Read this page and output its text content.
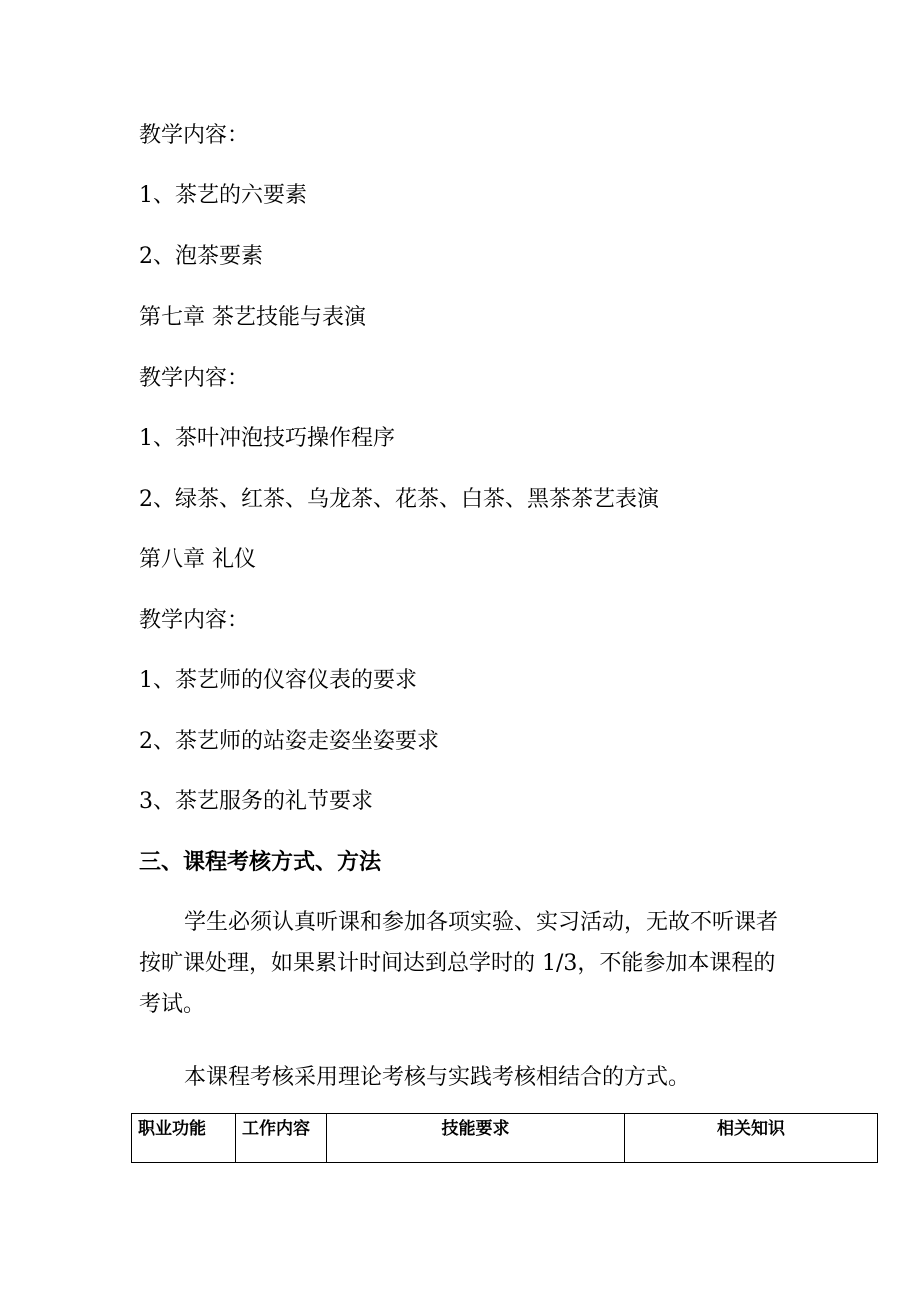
教学内容：

1、茶艺的六要素

2、泡茶要素

第七章 茶艺技能与表演

教学内容：

1、茶叶冲泡技巧操作程序

2、绿茶、红茶、乌龙茶、花茶、白茶、黑茶茶艺表演

第八章 礼仪

教学内容：

1、茶艺师的仪容仪表的要求

2、茶艺师的站姿走姿坐姿要求

3、茶艺服务的礼节要求

三、课程考核方式、方法

学生必须认真听课和参加各项实验、实习活动，无故不听课者按旷课处理，如果累计时间达到总学时的 1/3，不能参加本课程的考试。

本课程考核采用理论考核与实践考核相结合的方式。

职业功能	工作内容	技能要求	相关知识
